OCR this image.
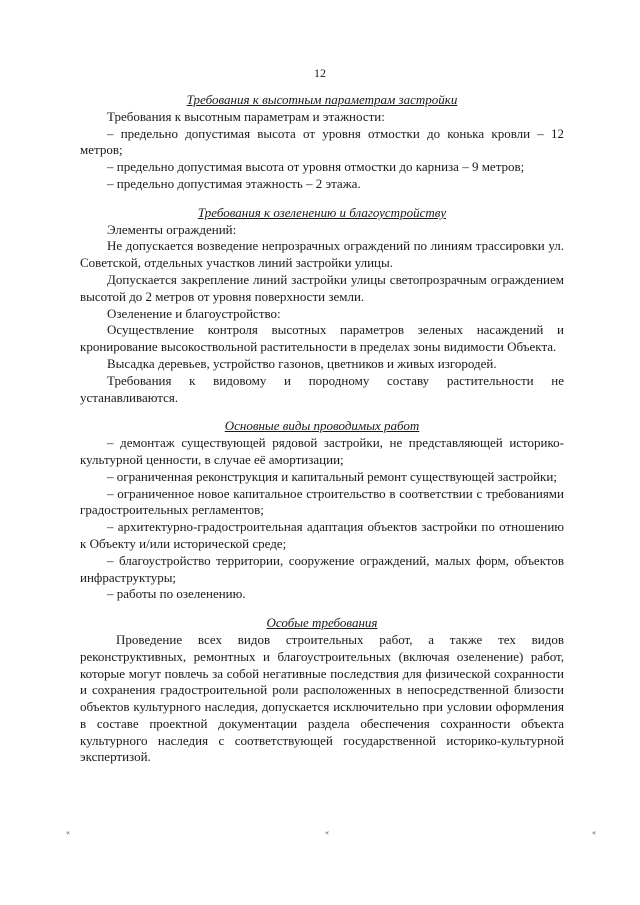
12

Требования к высотным параметрам застройки

Требования к высотным параметрам и этажности:

– предельно допустимая высота от уровня отмостки до конька кровли – 12 метров;

– предельно допустимая высота от уровня отмостки до карниза – 9 метров;

– предельно допустимая этажность – 2 этажа.

Требования к озеленению и благоустройству

Элементы ограждений:

Не допускается возведение непрозрачных ограждений по линиям трассировки ул. Советской, отдельных участков линий застройки улицы.

Допускается закрепление линий застройки улицы светопрозрачным ограждением высотой до 2 метров от уровня поверхности земли.

Озеленение и благоустройство:

Осуществление контроля высотных параметров зеленых насаждений и кронирование высокоствольной растительности в пределах зоны видимости Объекта.

Высадка деревьев, устройство газонов, цветников и живых изгородей.

Требования к видовому и породному составу растительности не устанавливаются.

Основные виды проводимых работ

– демонтаж существующей рядовой застройки, не представляющей историко-культурной ценности, в случае её амортизации;

– ограниченная реконструкция и капитальный ремонт существующей застройки;

– ограниченное новое капитальное строительство в соответствии с требованиями градостроительных регламентов;

– архитектурно-градостроительная адаптация объектов застройки по отношению к Объекту и/или исторической среде;

– благоустройство территории, сооружение ограждений, малых форм, объектов инфраструктуры;

– работы по озеленению.

Особые требования

Проведение всех видов строительных работ, а также тех видов реконструктивных, ремонтных и благоустроительных (включая озеленение) работ, которые могут повлечь за собой негативные последствия для физической сохранности и сохранения градостроительной роли расположенных в непосредственной близости объектов культурного наследия, допускается исключительно при условии оформления в составе проектной документации раздела обеспечения сохранности объекта культурного наследия с соответствующей государственной историко-культурной экспертизой.

«	«	«
